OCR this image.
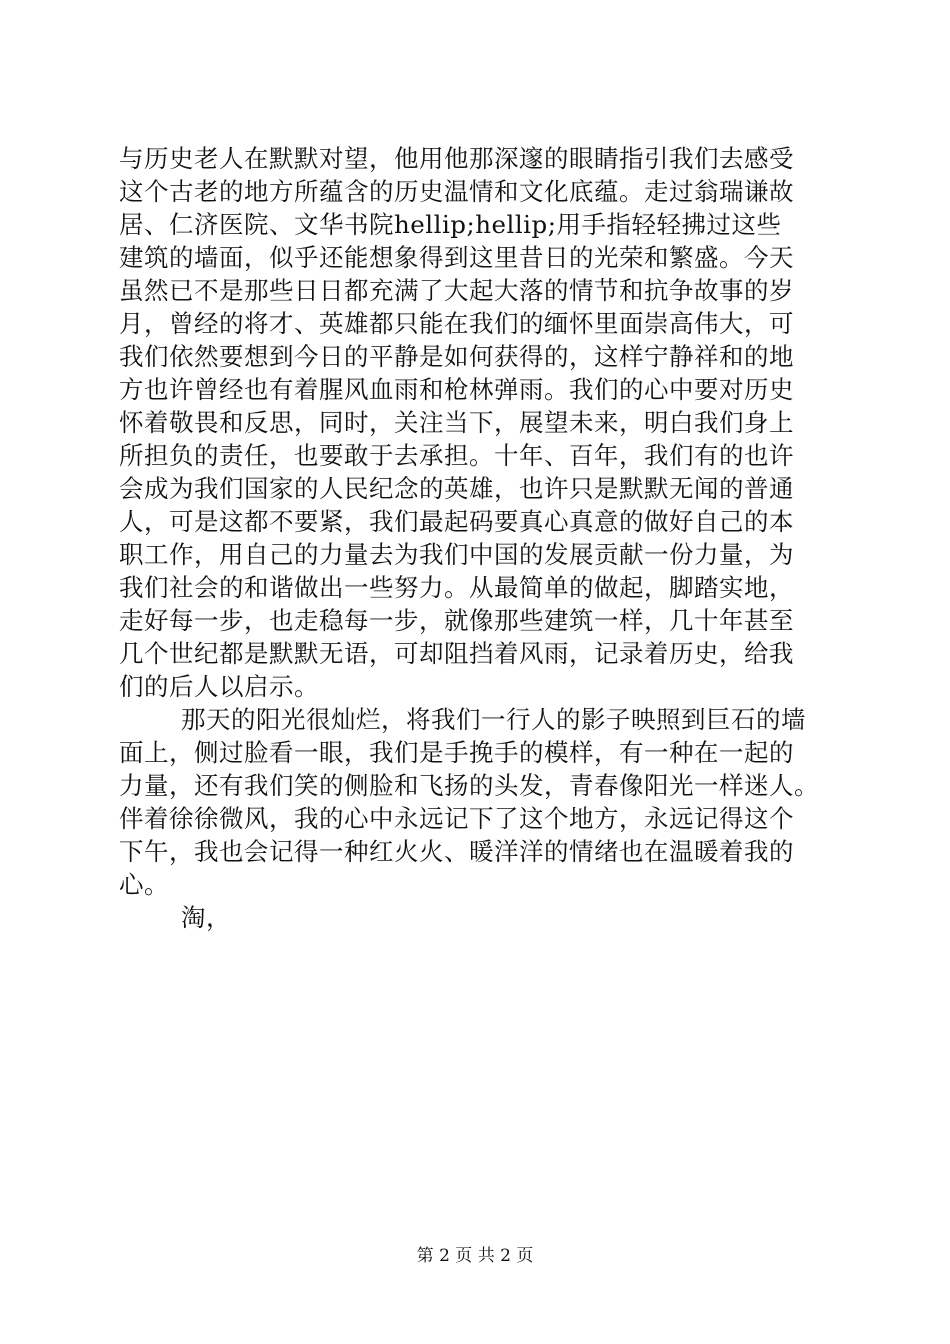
与历史老人在默默对望，他用他那深邃的眼睛指引我们去感受
这个古老的地方所蕴含的历史温情和文化底蕴。走过翁瑞谦故
居、仁济医院、文华书院hellip;hellip;用手指轻轻拂过这些
建筑的墙面，似乎还能想象得到这里昔日的光荣和繁盛。今天
虽然已不是那些日日都充满了大起大落的情节和抗争故事的岁
月，曾经的将才、英雄都只能在我们的缅怀里面崇高伟大，可
我们依然要想到今日的平静是如何获得的，这样宁静祥和的地
方也许曾经也有着腥风血雨和枪林弹雨。我们的心中要对历史
怀着敬畏和反思，同时，关注当下，展望未来，明白我们身上
所担负的责任，也要敢于去承担。十年、百年，我们有的也许
会成为我们国家的人民纪念的英雄，也许只是默默无闻的普通
人，可是这都不要紧，我们最起码要真心真意的做好自己的本
职工作，用自己的力量去为我们中国的发展贡献一份力量，为
我们社会的和谐做出一些努力。从最简单的做起，脚踏实地，
走好每一步，也走稳每一步，就像那些建筑一样，几十年甚至
几个世纪都是默默无语，可却阻挡着风雨，记录着历史，给我
们的后人以启示。
那天的阳光很灿烂，将我们一行人的影子映照到巨石的墙
面上，侧过脸看一眼，我们是手挽手的模样，有一种在一起的
力量，还有我们笑的侧脸和飞扬的头发，青春像阳光一样迷人。
伴着徐徐微风，我的心中永远记下了这个地方，永远记得这个
下午，我也会记得一种红火火、暖洋洋的情绪也在温暖着我的
心。
淘，
第 2 页 共 2 页
